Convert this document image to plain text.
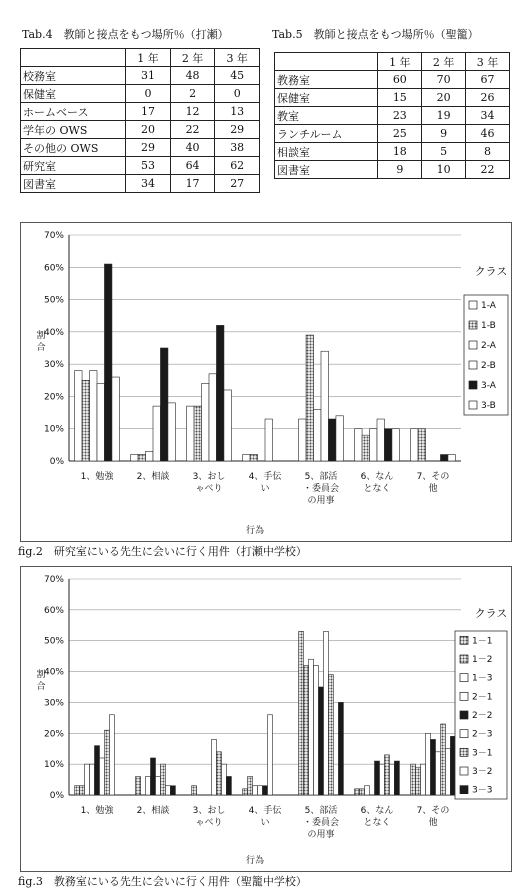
Tab.4　教師と接点をもつ場所％（打瀬）
	1 年	2 年	3 年
校務室	31	48	45
保健室	0	2	0
ホームベース	17	12	13
学年の OWS	20	22	29
その他の OWS	29	40	38
研究室	53	64	62
図書室	34	17	27
Tab.5　教師と接点をもつ場所％（聖籠）
	1 年	2 年	3 年
教務室	60	70	67
保健室	15	20	26
教室	23	19	34
ランチルーム	25	9	46
相談室	18	5	8
図書室	9	10	22
0%
10%
20%
30%
40%
50%
60%
70%
1、勉強	2、相談	3、おしゃべり
4、手伝い
5、部活・委員会の用事
6、なんとなく
7、その他
割合
行為
クラス
1-A
1-B
2-A
2-B
3-A
3-B
fig.2　研究室にいる先生に会いに行く用件（打瀬中学校）
0%
10%
20%
30%
40%
50%
60%
70%
1、勉強	2、相談	3、おしゃべり
4、手伝い
5、部活・委員会の用事
6、なんとなく
7、その他
割合
行為
クラス
1－1
1－2
1－3
2－1
2－2
2－3
3－1
3－2
3－3
fig.3　教務室にいる先生に会いに行く用件（聖籠中学校）
